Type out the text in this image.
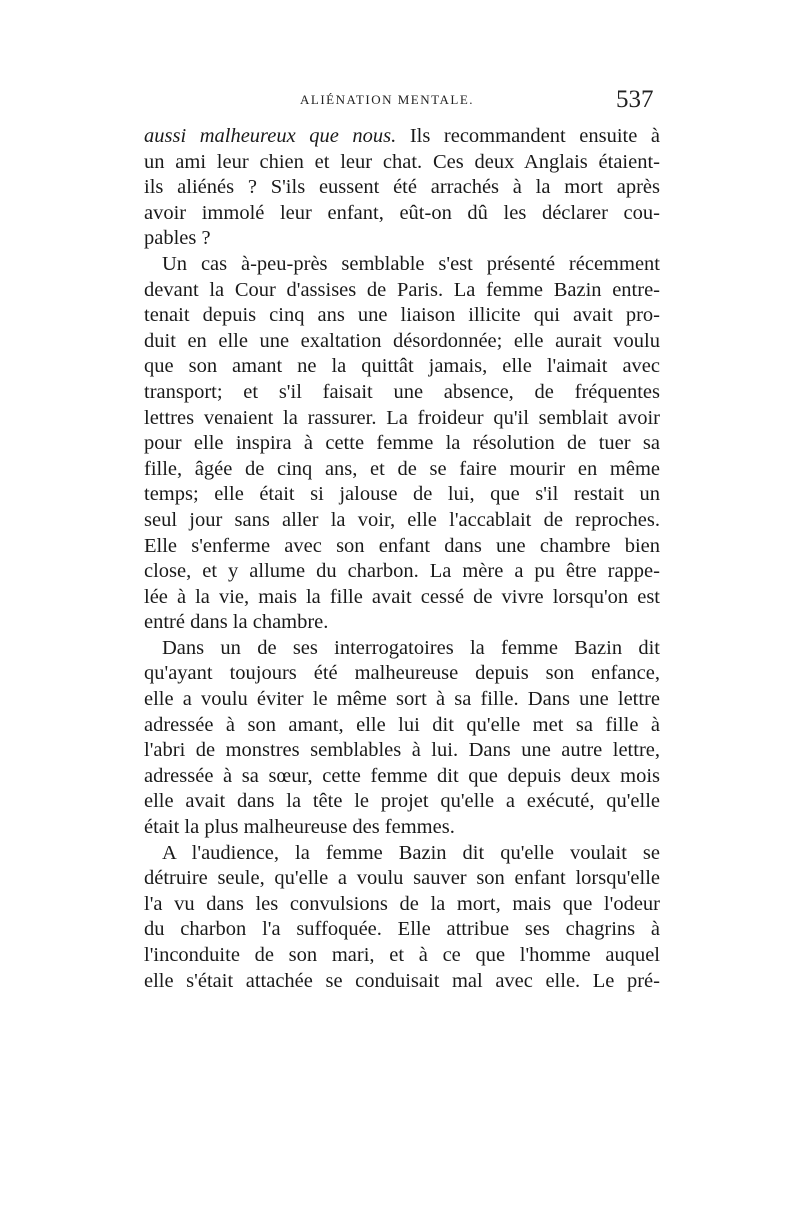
ALIÉNATION MENTALE.	537
aussi malheureux que nous. Ils recommandent ensuite à
un ami leur chien et leur chat. Ces deux Anglais étaient-
ils aliénés ? S'ils eussent été arrachés à la mort après
avoir immolé leur enfant, eût-on dû les déclarer cou-
pables ?
Un cas à-peu-près semblable s'est présenté récemment
devant la Cour d'assises de Paris. La femme Bazin entre-
tenait depuis cinq ans une liaison illicite qui avait pro-
duit en elle une exaltation désordonnée; elle aurait voulu
que son amant ne la quittât jamais, elle l'aimait avec
transport; et s'il faisait une absence, de fréquentes
lettres venaient la rassurer. La froideur qu'il semblait avoir
pour elle inspira à cette femme la résolution de tuer sa
fille, âgée de cinq ans, et de se faire mourir en même
temps; elle était si jalouse de lui, que s'il restait un
seul jour sans aller la voir, elle l'accablait de reproches.
Elle s'enferme avec son enfant dans une chambre bien
close, et y allume du charbon. La mère a pu être rappe-
lée à la vie, mais la fille avait cessé de vivre lorsqu'on est
entré dans la chambre.
Dans un de ses interrogatoires la femme Bazin dit
qu'ayant toujours été malheureuse depuis son enfance,
elle a voulu éviter le même sort à sa fille. Dans une lettre
adressée à son amant, elle lui dit qu'elle met sa fille à
l'abri de monstres semblables à lui. Dans une autre lettre,
adressée à sa sœur, cette femme dit que depuis deux mois
elle avait dans la tête le projet qu'elle a exécuté, qu'elle
était la plus malheureuse des femmes.
A l'audience, la femme Bazin dit qu'elle voulait se
détruire seule, qu'elle a voulu sauver son enfant lorsqu'elle
l'a vu dans les convulsions de la mort, mais que l'odeur
du charbon l'a suffoquée. Elle attribue ses chagrins à
l'inconduite de son mari, et à ce que l'homme auquel
elle s'était attachée se conduisait mal avec elle. Le pré-
